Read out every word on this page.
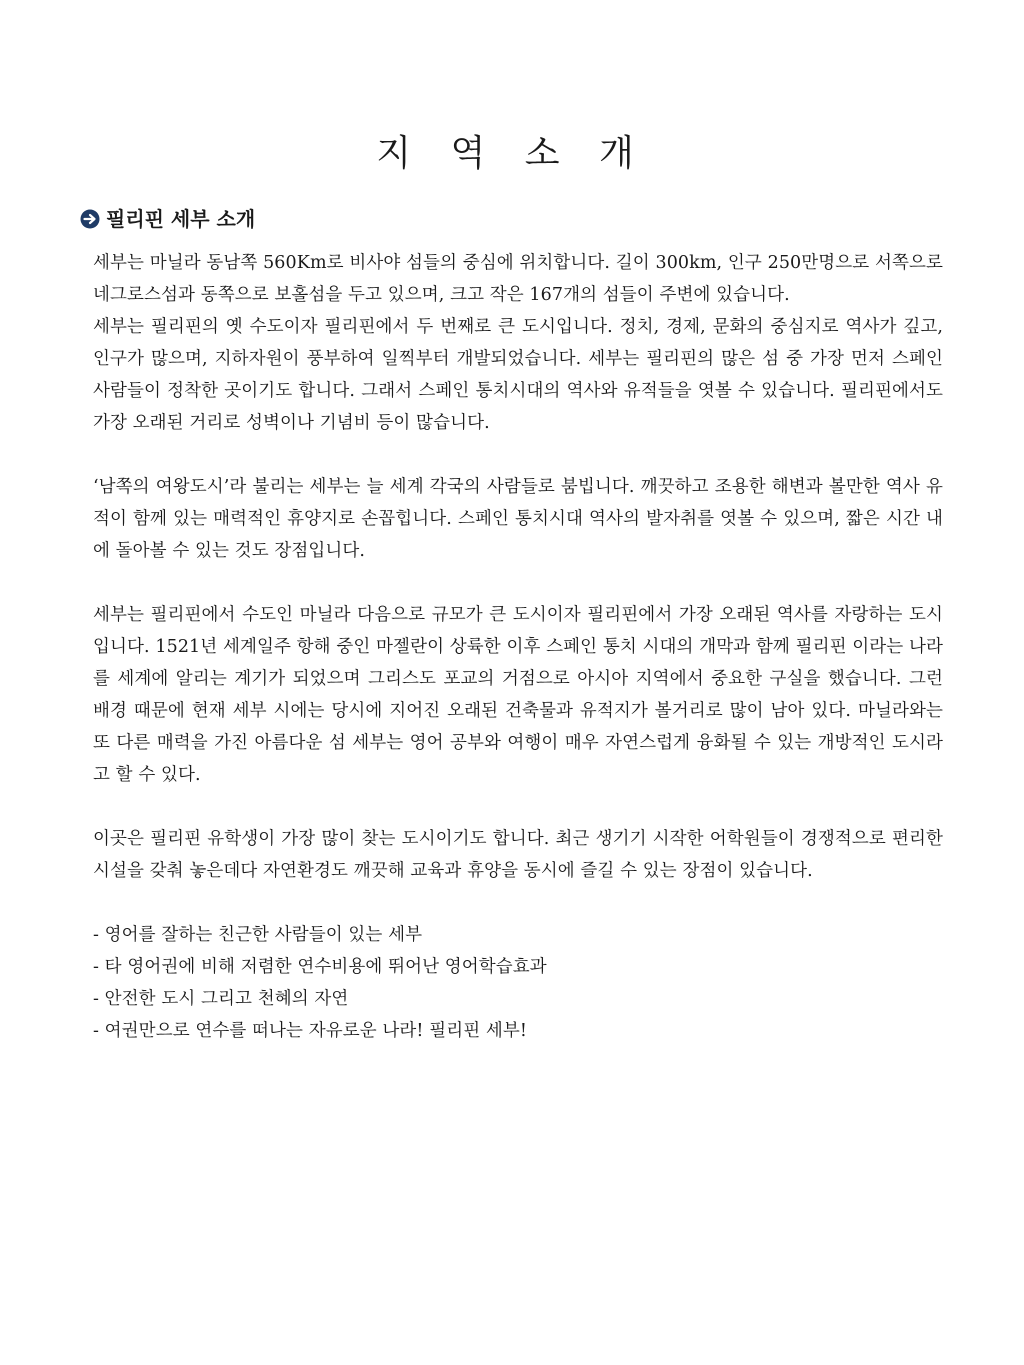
지 역 소 개
필리핀 세부 소개

세부는 마닐라 동남쪽 560Km로 비사야 섬들의 중심에 위치합니다. 길이 300km, 인구 250만명으로 서쪽으로 네그로스섬과 동쪽으로 보홀섬을 두고 있으며, 크고 작은 167개의 섬들이 주변에 있습니다.

세부는 필리핀의 옛 수도이자 필리핀에서 두 번째로 큰 도시입니다. 정치, 경제, 문화의 중심지로 역사가 깊고, 인구가 많으며, 지하자원이 풍부하여 일찍부터 개발되었습니다. 세부는 필리핀의 많은 섬 중 가장 먼저 스페인 사람들이 정착한 곳이기도 합니다. 그래서 스페인 통치시대의 역사와 유적들을 엿볼 수 있습니다. 필리핀에서도 가장 오래된 거리로 성벽이나 기념비 등이 많습니다.

‘남쪽의 여왕도시’라 불리는 세부는 늘 세계 각국의 사람들로 붐빕니다. 깨끗하고 조용한 해변과 볼만한 역사 유적이 함께 있는 매력적인 휴양지로 손꼽힙니다. 스페인 통치시대 역사의 발자취를 엿볼 수 있으며, 짧은 시간 내에 돌아볼 수 있는 것도 장점입니다.

세부는 필리핀에서 수도인 마닐라 다음으로 규모가 큰 도시이자 필리핀에서 가장 오래된 역사를 자랑하는 도시입니다. 1521년 세계일주 항해 중인 마젤란이 상륙한 이후 스페인 통치 시대의 개막과 함께 필리핀 이라는 나라를 세계에 알리는 계기가 되었으며 그리스도 포교의 거점으로 아시아 지역에서 중요한 구실을 했습니다. 그런 배경 때문에 현재 세부 시에는 당시에 지어진 오래된 건축물과 유적지가 볼거리로 많이 남아 있다. 마닐라와는 또 다른 매력을 가진 아름다운 섬 세부는 영어 공부와 여행이 매우 자연스럽게 융화될 수 있는 개방적인 도시라고 할 수 있다.

이곳은 필리핀 유학생이 가장 많이 찾는 도시이기도 합니다. 최근 생기기 시작한 어학원들이 경쟁적으로 편리한 시설을 갖춰 놓은데다 자연환경도 깨끗해 교육과 휴양을 동시에 즐길 수 있는 장점이 있습니다.

- 영어를 잘하는 친근한 사람들이 있는 세부

- 타 영어권에 비해 저렴한 연수비용에 뛰어난 영어학습효과

- 안전한 도시 그리고 천혜의 자연

- 여권만으로 연수를 떠나는 자유로운 나라! 필리핀 세부!
